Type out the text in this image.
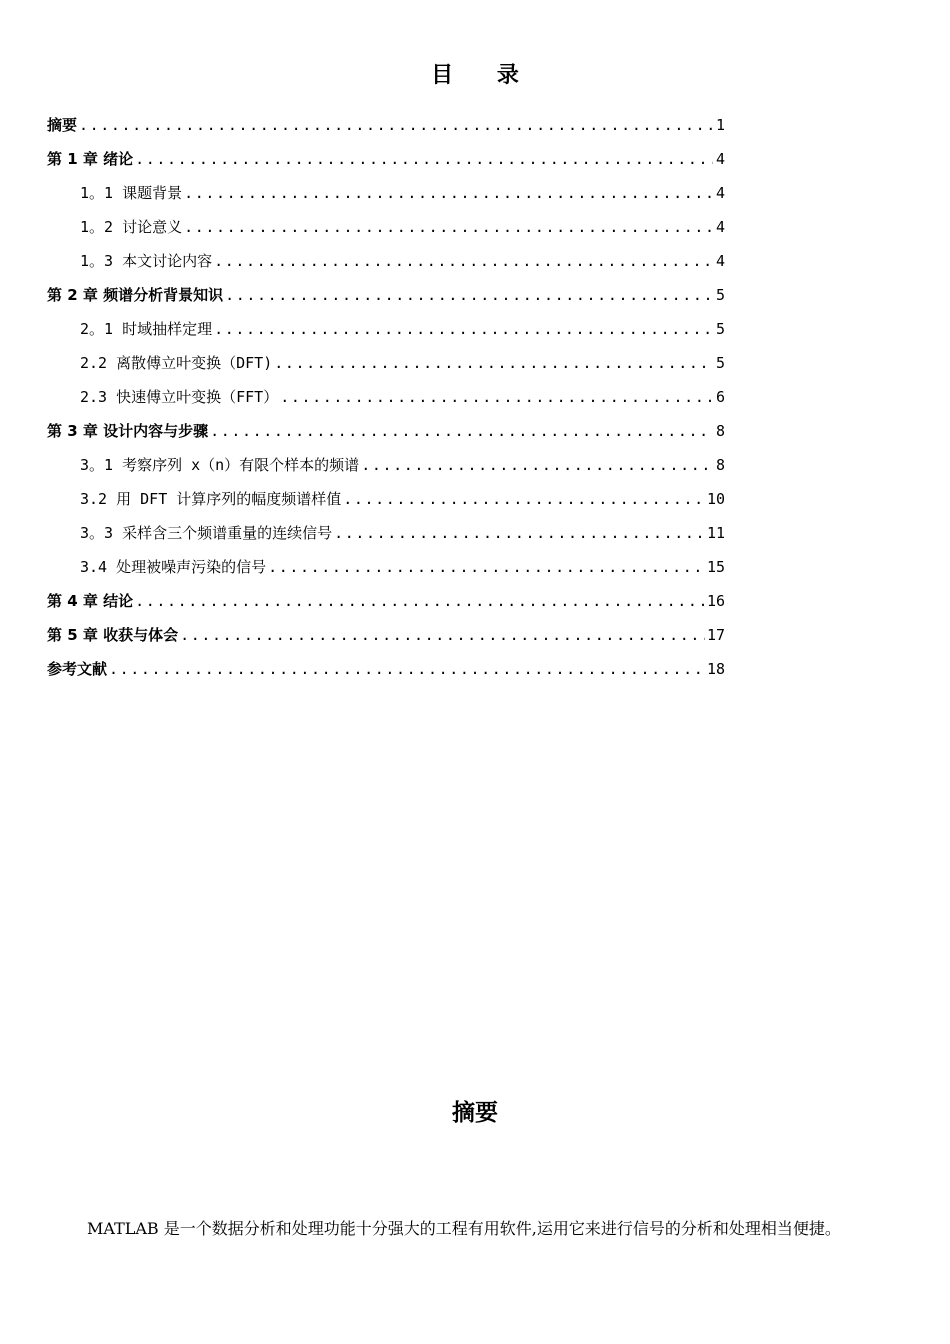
目 录
摘要 .....	1
第 1 章 绪论 .....	4
1。1 课题背景 .....	4
1。2 讨论意义 .....	4
1。3 本文讨论内容 .....	4
第 2 章 频谱分析背景知识 .....	5
2。1 时域抽样定理 .....	5
2.2 离散傅立叶变换（DFT) .....	5
2.3 快速傅立叶变换（FFT） .....	6
第 3 章 设计内容与步骤 .....	8
3。1 考察序列 x（n）有限个样本的频谱 .....	8
3.2 用 DFT 计算序列的幅度频谱样值 .....	10
3。3 采样含三个频谱重量的连续信号 .....	11
3.4 处理被噪声污染的信号 .....	15
第 4 章 结论 .....	16
第 5 章 收获与体会 .....	17
参考文献 .....	18
摘要

MATLAB 是一个数据分析和处理功能十分强大的工程有用软件,运用它来进行信号的分析和处理相当便捷。
